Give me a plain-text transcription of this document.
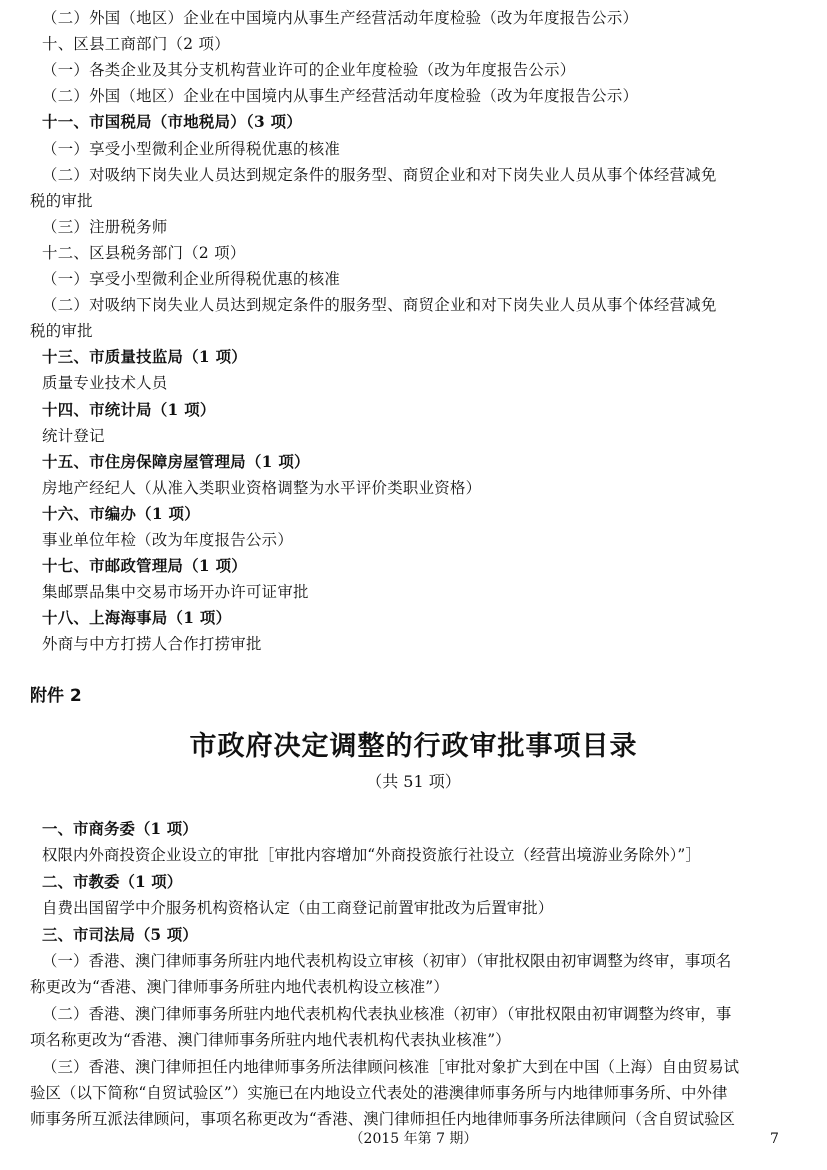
（二）外国（地区）企业在中国境内从事生产经营活动年度检验（改为年度报告公示）
十、区县工商部门（2 项）
（一）各类企业及其分支机构营业许可的企业年度检验（改为年度报告公示）
（二）外国（地区）企业在中国境内从事生产经营活动年度检验（改为年度报告公示）
十一、市国税局（市地税局）（3 项）
（一）享受小型微利企业所得税优惠的核准
（二）对吸纳下岗失业人员达到规定条件的服务型、商贸企业和对下岗失业人员从事个体经营减免
税的审批
（三）注册税务师
十二、区县税务部门（2 项）
（一）享受小型微利企业所得税优惠的核准
（二）对吸纳下岗失业人员达到规定条件的服务型、商贸企业和对下岗失业人员从事个体经营减免
税的审批
十三、市质量技监局（1 项）
质量专业技术人员
十四、市统计局（1 项）
统计登记
十五、市住房保障房屋管理局（1 项）
房地产经纪人（从准入类职业资格调整为水平评价类职业资格）
十六、市编办（1 项）
事业单位年检（改为年度报告公示）
十七、市邮政管理局（1 项）
集邮票品集中交易市场开办许可证审批
十八、上海海事局（1 项）
外商与中方打捞人合作打捞审批
附件 2
市政府决定调整的行政审批事项目录
（共 51 项）
一、市商务委（1 项）
权限内外商投资企业设立的审批［审批内容增加“外商投资旅行社设立（经营出境游业务除外）”］
二、市教委（1 项）
自费出国留学中介服务机构资格认定（由工商登记前置审批改为后置审批）
三、市司法局（5 项）
（一）香港、澳门律师事务所驻内地代表机构设立审核（初审）（审批权限由初审调整为终审，事项名
称更改为“香港、澳门律师事务所驻内地代表机构设立核准”）
（二）香港、澳门律师事务所驻内地代表机构代表执业核准（初审）（审批权限由初审调整为终审，事
项名称更改为“香港、澳门律师事务所驻内地代表机构代表执业核准”）
（三）香港、澳门律师担任内地律师事务所法律顾问核准［审批对象扩大到在中国（上海）自由贸易试
验区（以下简称“自贸试验区”）实施已在内地设立代表处的港澳律师事务所与内地律师事务所、中外律
师事务所互派法律顾问，事项名称更改为“香港、澳门律师担任内地律师事务所法律顾问（含自贸试验区
（2015 年第 7 期）	7
